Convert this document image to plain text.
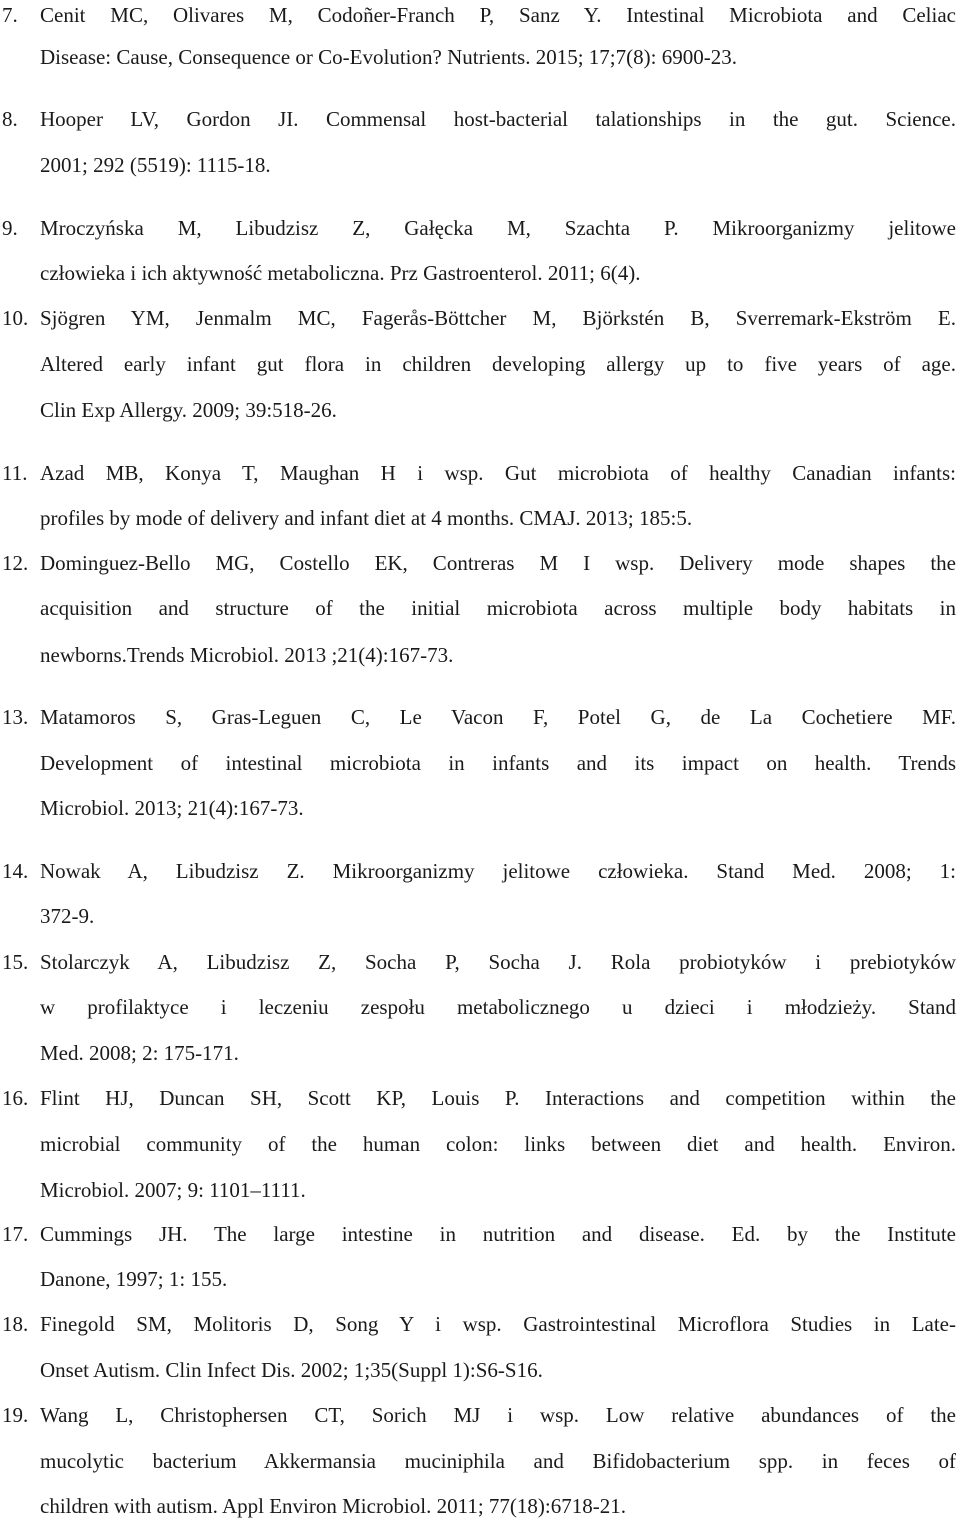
7.	Cenit MC, Olivares M, Codoñer-Franch P, Sanz Y. Intestinal Microbiota and Celiac
Disease: Cause, Consequence or Co-Evolution? Nutrients. 2015; 17;7(8): 6900-23.
8.	Hooper LV, Gordon JI. Commensal host-bacterial talationships in the gut. Science.
2001; 292 (5519): 1115-18.
9.	Mroczyńska M, Libudzisz Z, Gałęcka M, Szachta P. Mikroorganizmy jelitowe
człowieka i ich aktywność metaboliczna. Prz Gastroenterol. 2011; 6(4).
10. Sjögren YM, Jenmalm MC, Fagerås-Böttcher M, Björkstén B, Sverremark-Ekström E.
Altered early infant gut flora in children developing allergy up to five years of age.
Clin Exp Allergy. 2009; 39:518-26.
11. Azad MB, Konya T, Maughan H i wsp. Gut microbiota of healthy Canadian infants:
profiles by mode of delivery and infant diet at 4 months. CMAJ. 2013; 185:5.
12. Dominguez-Bello MG, Costello EK, Contreras M I wsp. Delivery mode shapes the
acquisition and structure of the initial microbiota across multiple body habitats in
newborns.Trends Microbiol. 2013 ;21(4):167-73.
13. Matamoros S, Gras-Leguen C, Le Vacon F, Potel G, de La Cochetiere MF.
Development of intestinal microbiota in infants and its impact on health. Trends
Microbiol. 2013; 21(4):167-73.
14. Nowak A, Libudzisz Z. Mikroorganizmy jelitowe człowieka. Stand Med. 2008; 1:
372-9.
15. Stolarczyk A, Libudzisz Z, Socha P, Socha J. Rola probiotyków i prebiotyków
w profilaktyce i leczeniu zespołu metabolicznego u dzieci i młodzieży. Stand
Med. 2008; 2: 175-171.
16. Flint HJ, Duncan SH, Scott KP, Louis P. Interactions and competition within the
microbial community of the human colon: links between diet and health. Environ.
Microbiol. 2007; 9: 1101–1111.
17. Cummings JH. The large intestine in nutrition and disease. Ed. by the Institute
Danone, 1997; 1: 155.
18. Finegold SM, Molitoris D, Song Y i wsp. Gastrointestinal Microflora Studies in Late-
Onset Autism. Clin Infect Dis. 2002; 1;35(Suppl 1):S6-S16.
19. Wang L, Christophersen CT, Sorich MJ i wsp. Low relative abundances of the
mucolytic bacterium Akkermansia muciniphila and Bifidobacterium spp. in feces of
children with autism. Appl Environ Microbiol. 2011; 77(18):6718-21.
